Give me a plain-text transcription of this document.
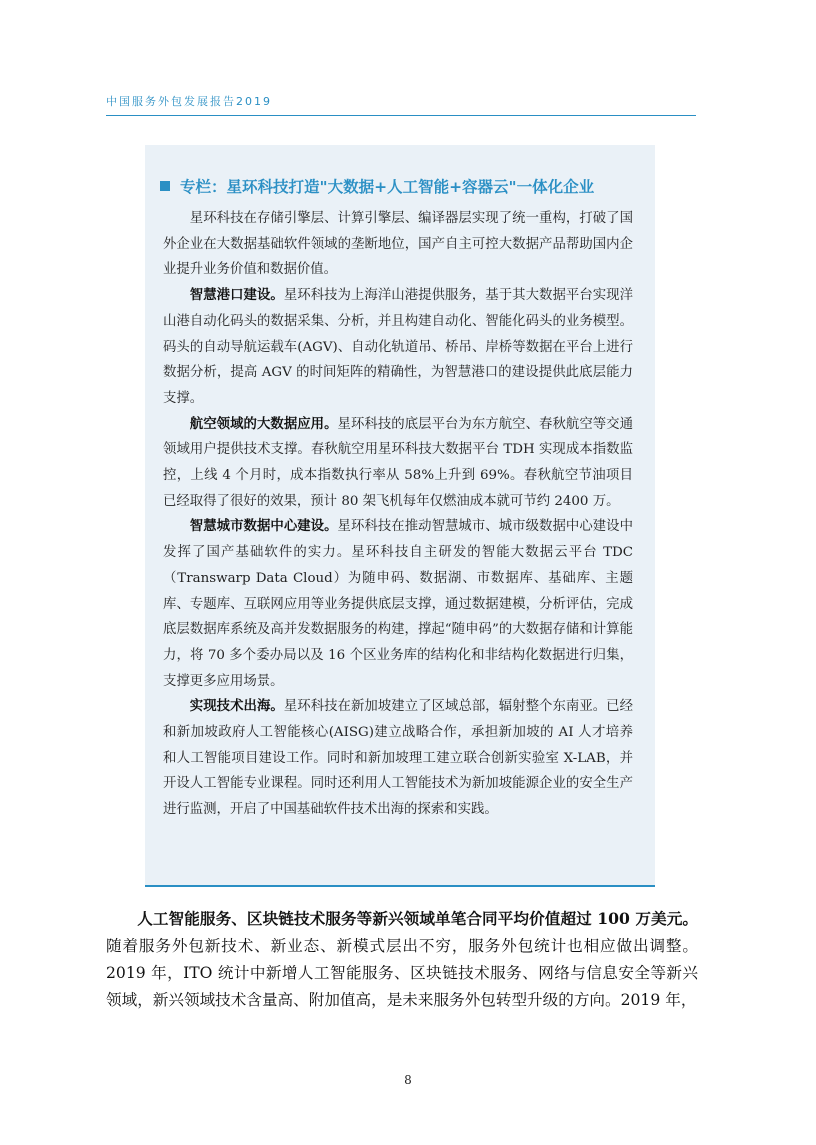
中国服务外包发展报告2019
专栏：星环科技打造"大数据+人工智能+容器云"一体化企业

星环科技在存储引擎层、计算引擎层、编译器层实现了统一重构，打破了国外企业在大数据基础软件领域的垄断地位，国产自主可控大数据产品帮助国内企业提升业务价值和数据价值。

智慧港口建设。星环科技为上海洋山港提供服务，基于其大数据平台实现洋山港自动化码头的数据采集、分析，并且构建自动化、智能化码头的业务模型。码头的自动导航运载车(AGV)、自动化轨道吊、桥吊、岸桥等数据在平台上进行数据分析，提高 AGV 的时间矩阵的精确性，为智慧港口的建设提供此底层能力支撑。

航空领域的大数据应用。星环科技的底层平台为东方航空、春秋航空等交通领域用户提供技术支撑。春秋航空用星环科技大数据平台 TDH 实现成本指数监控，上线 4 个月时，成本指数执行率从 58%上升到 69%。春秋航空节油项目已经取得了很好的效果，预计 80 架飞机每年仅燃油成本就可节约 2400 万。

智慧城市数据中心建设。星环科技在推动智慧城市、城市级数据中心建设中发挥了国产基础软件的实力。星环科技自主研发的智能大数据云平台 TDC（Transwarp Data Cloud）为随申码、数据湖、市数据库、基础库、主题库、专题库、互联网应用等业务提供底层支撑，通过数据建模，分析评估，完成底层数据库系统及高并发数据服务的构建，撑起“随申码”的大数据存储和计算能力，将 70 多个委办局以及 16 个区业务库的结构化和非结构化数据进行归集，支撑更多应用场景。

实现技术出海。星环科技在新加坡建立了区域总部，辐射整个东南亚。已经和新加坡政府人工智能核心(AISG)建立战略合作，承担新加坡的 AI 人才培养和人工智能项目建设工作。同时和新加坡理工建立联合创新实验室 X-LAB，并开设人工智能专业课程。同时还利用人工智能技术为新加坡能源企业的安全生产进行监测，开启了中国基础软件技术出海的探索和实践。

人工智能服务、区块链技术服务等新兴领域单笔合同平均价值超过 100 万美元。随着服务外包新技术、新业态、新模式层出不穷，服务外包统计也相应做出调整。2019 年，ITO 统计中新增人工智能服务、区块链技术服务、网络与信息安全等新兴领域，新兴领域技术含量高、附加值高，是未来服务外包转型升级的方向。2019 年，

8
